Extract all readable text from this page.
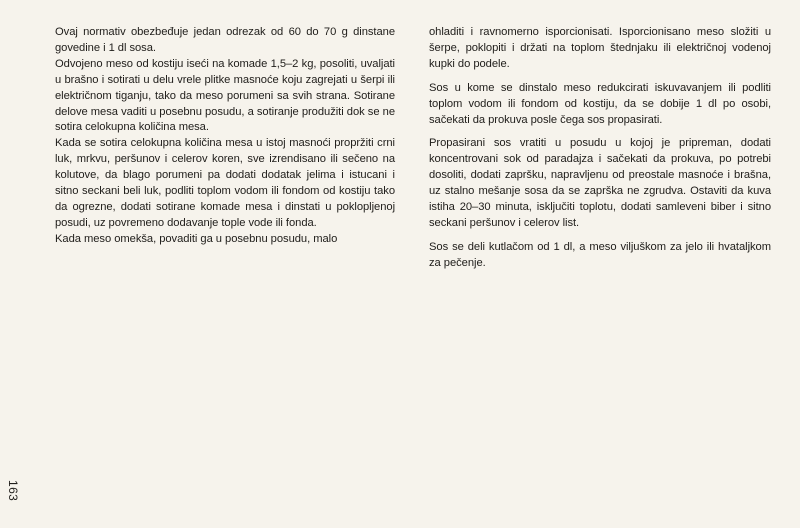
Ovaj normativ obezbeđuje jedan odrezak od 60 do 70 g dinstane govedine i 1 dl sosa.

Odvojeno meso od kostiju iseći na komade 1,5–2 kg, posoliti, uvaljati u brašno i sotirati u delu vrele plitke masnoće koju zagrejati u šerpi ili električnom tiganju, tako da meso porumeni sa svih strana. Sotirane delove mesa vaditi u posebnu posudu, a sotiranje produžiti dok se ne sotira celokupna količina mesa.

Kada se sotira celokupna količina mesa u istoj masnoći propržiti crni luk, mrkvu, peršunov i celerov koren, sve izrendisano ili sečeno na kolutove, da blago porumeni pa dodati dodatak jelima i istucani i sitno seckani beli luk, podliti toplom vodom ili fondom od kostiju tako da ogrezne, dodati sotirane komade mesa i dinstati u poklopljenoj posudi, uz povremeno dodavanje tople vode ili fonda.

Kada meso omekša, povaditi ga u posebnu posudu, malo

ohladiti i ravnomerno isporcionisati. Isporcionisano meso složiti u šerpe, poklopiti i držati na toplom štednjaku ili električnoj vodenoj kupki do podele.

Sos u kome se dinstalo meso redukcirati iskuvavanjem ili podliti toplom vodom ili fondom od kostiju, da se dobije 1 dl po osobi, sačekati da prokuva posle čega sos propasirati.

Propasirani sos vratiti u posudu u kojoj je pripreman, dodati koncentrovani sok od paradajza i sačekati da prokuva, po potrebi dosoliti, dodati zapršku, napravljenu od preostale masnoće i brašna, uz stalno mešanje sosa da se zaprška ne zgrudva. Ostaviti da kuva istiha 20–30 minuta, isključiti toplotu, dodati samleveni biber i sitno seckani peršunov i celerov list.

Sos se deli kutlačom od 1 dl, a meso viljuškom za jelo ili hvataljkom za pečenje.

163
